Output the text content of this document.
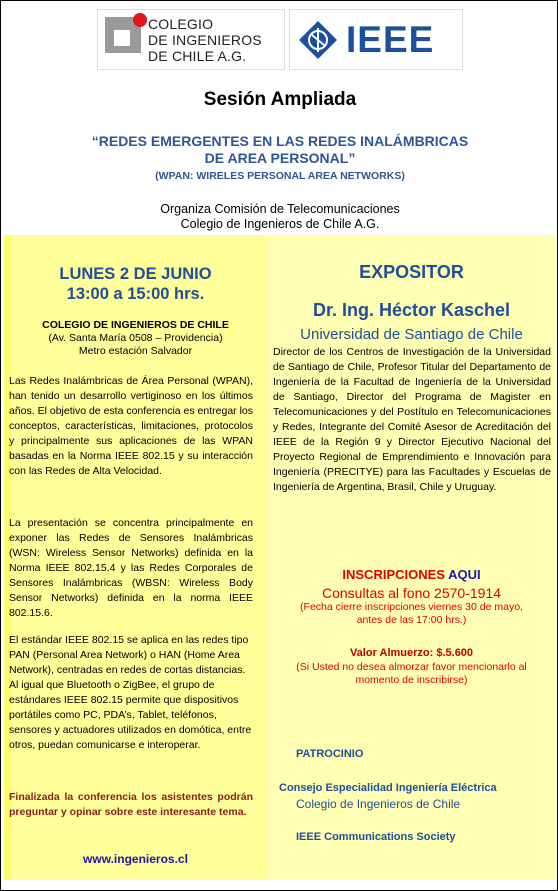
COLEGIO
DE INGENIEROS
DE CHILE A.G.	IEEE
Sesión Ampliada
“REDES EMERGENTES EN LAS REDES INALÁMBRICAS
DE AREA PERSONAL”
(WPAN: WIRELES PERSONAL AREA NETWORKS)
Organiza Comisión de Telecomunicaciones
Colegio de Ingenieros de Chile A.G.
LUNES 2 DE JUNIO
13:00 a 15:00 hrs.
COLEGIO DE INGENIEROS DE CHILE
(Av. Santa María 0508 – Providencia)
Metro estación Salvador
Las Redes Inalámbricas de Área Personal (WPAN), han tenido un desarrollo vertiginoso en los últimos años. El objetivo de esta conferencia es entregar los conceptos, características, limitaciones, protocolos y principalmente sus aplicaciones de las WPAN basadas en la Norma IEEE 802.15 y su interacción con las Redes de Alta Velocidad.
La presentación se concentra principalmente en exponer las Redes de Sensores Inalámbricas (WSN: Wireless Sensor Networks) definida en la Norma IEEE 802.15.4 y las Redes Corporales de Sensores Inalámbricas (WBSN: Wireless Body Sensor Networks) definida en la norma IEEE 802.15.6.
El estándar IEEE 802.15 se aplica en las redes tipo PAN (Personal Area Network) o HAN (Home Area Network), centradas en redes de cortas distancias. Al igual que Bluetooth o ZigBee, el grupo de estándares IEEE 802.15 permite que dispositivos portátiles como PC, PDA’s, Tablet, teléfonos, sensores y actuadores utilizados en domótica, entre otros, puedan comunicarse e interoperar.
Finalizada la conferencia los asistentes podrán preguntar y opinar sobre este interesante tema.
www.ingenieros.cl
EXPOSITOR
Dr. Ing. Héctor Kaschel
Universidad de Santiago de Chile
Director de los Centros de Investigación de la Universidad de Santiago de Chile, Profesor Titular del Departamento de Ingeniería de la Facultad de Ingeniería de la Universidad de Santiago, Director del Programa de Magister en Telecomunicaciones y del Postítulo en Telecomunicaciones y Redes, Integrante del Comité Asesor de Acreditación del IEEE de la Región 9 y Director Ejecutivo Nacional del Proyecto Regional de Emprendimiento e Innovación para Ingeniería (PRECITYE) para las Facultades y Escuelas de Ingeniería de Argentina, Brasil, Chile y Uruguay.
INSCRIPCIONES AQUI
Consultas al fono 2570-1914
(Fecha cierre inscripciones viernes 30 de mayo,
antes de las 17:00 hrs.)
Valor Almuerzo: $.5.600
(Si Usted no desea almorzar favor mencionarlo al
momento de inscribirse)
PATROCINIO
Consejo Especialidad Ingeniería Eléctrica
Colegio de Ingenieros de Chile
IEEE Communications Society
